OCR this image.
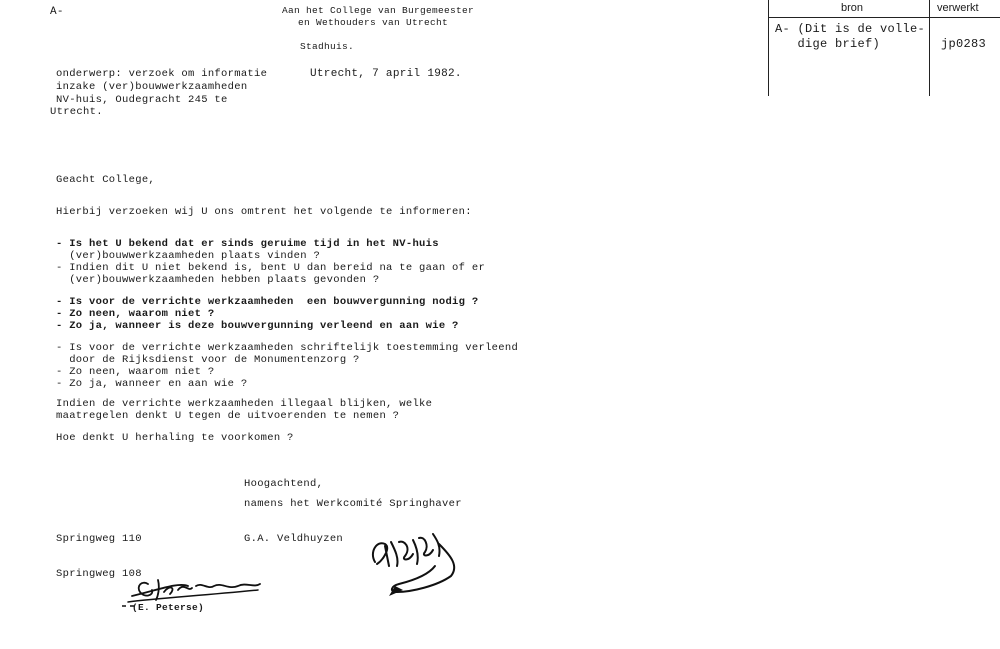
A-	Aan het College van Burgemeester
en Wethouders van Utrecht
Stadhuis.
onderwerp: verzoek om informatie
inzake (ver)bouwwerkzaamheden
NV-huis, Oudegracht 245 te
Utrecht.
Utrecht, 7 april 1982.
Geacht College,
Hierbij verzoeken wij U ons omtrent het volgende te informeren:
- Is het U bekend dat er sinds geruime tijd in het NV-huis
(ver)bouwwerkzaamheden plaats vinden ?
- Indien dit U niet bekend is, bent U dan bereid na te gaan of er
(ver)bouwwerkzaamheden hebben plaats gevonden ?
- Is voor de verrichte werkzaamheden  een bouwvergunning nodig ?
- Zo neen, waarom niet ?
- Zo ja, wanneer is deze bouwvergunning verleend en aan wie ?
- Is voor de verrichte werkzaamheden schriftelijk toestemming verleend
door de Rijksdienst voor de Monumentenzorg ?
- Zo neen, waarom niet ?
- Zo ja, wanneer en aan wie ?
Indien de verrichte werkzaamheden illegaal blijken, welke
maatregelen denkt U tegen de uitvoerenden te nemen ?
Hoe denkt U herhaling te voorkomen ?
Hoogachtend,
namens het Werkcomité Springhaver
Springweg 110	G.A. Veldhuyzen
Springweg 108
(E. Peterse)
bron	verwerkt
A- (Dit is de volle-
dige brief)	jp0283
